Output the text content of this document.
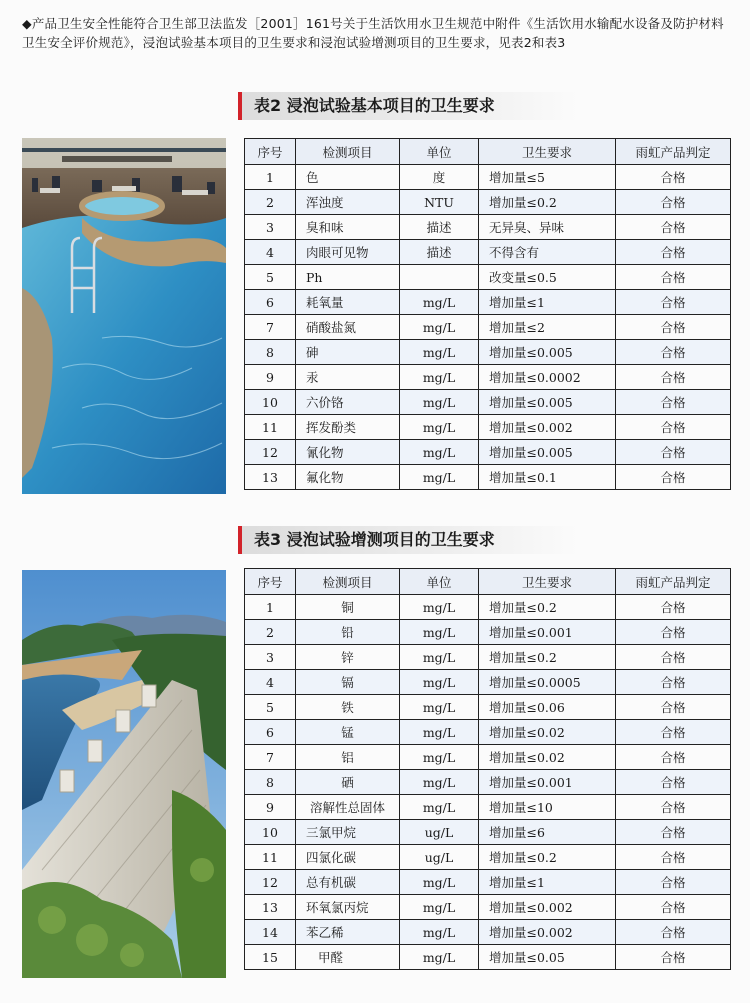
◆产品卫生安全性能符合卫生部卫法监发［2001］161号关于生活饮用水卫生规范中附件《生活饮用水输配水设备及防护材料卫生安全评价规范》，浸泡试验基本项目的卫生要求和浸泡试验增测项目的卫生要求，见表2和表3
表2 浸泡试验基本项目的卫生要求
序号	检测项目	单位	卫生要求	雨虹产品判定
1	色	度	增加量≤5	合格
2	浑浊度	NTU	增加量≤0.2	合格
3	臭和味	描述	无异臭、异味	合格
4	肉眼可见物	描述	不得含有	合格
5	Ph		改变量≤0.5	合格
6	耗氧量	mg/L	增加量≤1	合格
7	硝酸盐氮	mg/L	增加量≤2	合格
8	砷	mg/L	增加量≤0.005	合格
9	汞	mg/L	增加量≤0.0002	合格
10	六价铬	mg/L	增加量≤0.005	合格
11	挥发酚类	mg/L	增加量≤0.002	合格
12	氰化物	mg/L	增加量≤0.005	合格
13	氟化物	mg/L	增加量≤0.1	合格
表3 浸泡试验增测项目的卫生要求
序号	检测项目	单位	卫生要求	雨虹产品判定
1	铜	mg/L	增加量≤0.2	合格
2	铅	mg/L	增加量≤0.001	合格
3	锌	mg/L	增加量≤0.2	合格
4	镉	mg/L	增加量≤0.0005	合格
5	铁	mg/L	增加量≤0.06	合格
6	锰	mg/L	增加量≤0.02	合格
7	铝	mg/L	增加量≤0.02	合格
8	硒	mg/L	增加量≤0.001	合格
9	溶解性总固体	mg/L	增加量≤10	合格
10	三氯甲烷	ug/L	增加量≤6	合格
11	四氯化碳	ug/L	增加量≤0.2	合格
12	总有机碳	mg/L	增加量≤1	合格
13	环氧氯丙烷	mg/L	增加量≤0.002	合格
14	苯乙稀	mg/L	增加量≤0.002	合格
15	甲醛	mg/L	增加量≤0.05	合格
